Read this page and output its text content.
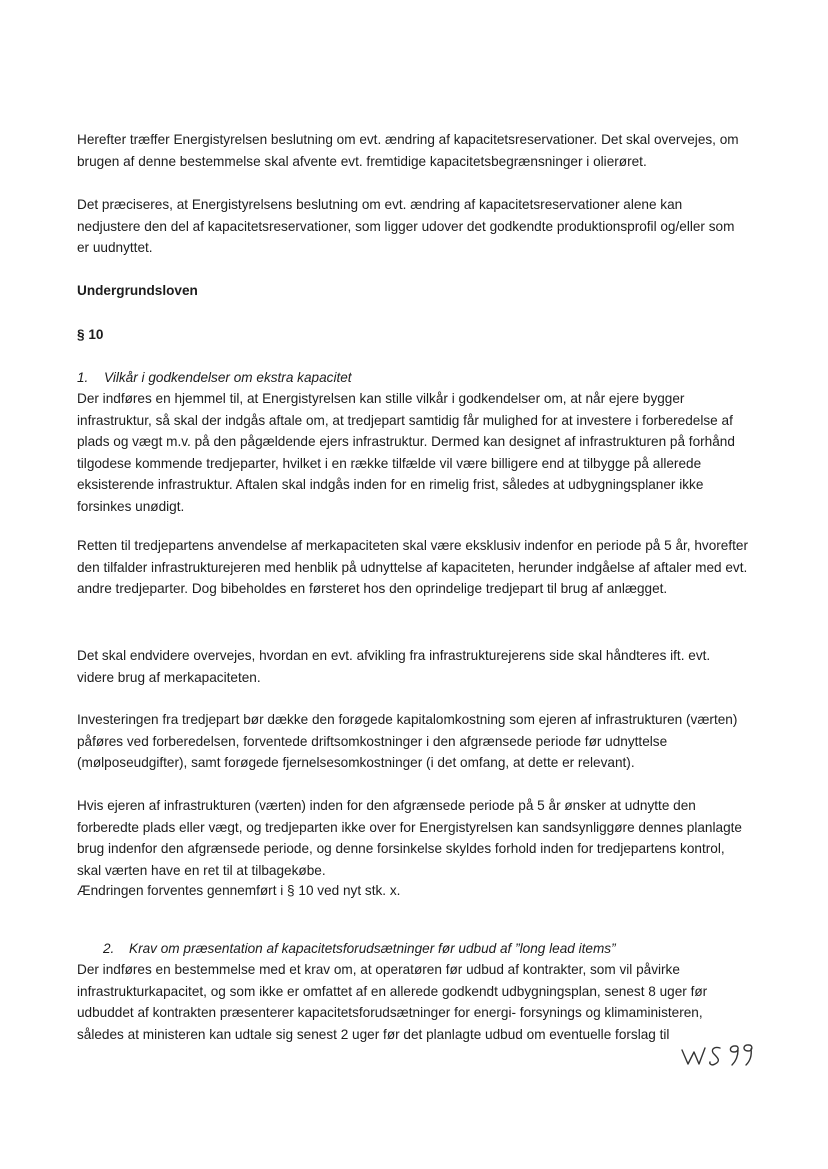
Herefter træffer Energistyrelsen beslutning om evt. ændring af kapacitetsreservationer. Det skal overvejes, om brugen af denne bestemmelse skal afvente evt. fremtidige kapacitetsbegrænsninger i olierøret.

Det præciseres, at Energistyrelsens beslutning om evt. ændring af kapacitetsreservationer alene kan nedjustere den del af kapacitetsreservationer, som ligger udover det godkendte produktionsprofil og/eller som er uudnyttet.

Undergrundsloven
§ 10
1. Vilkår i godkendelser om ekstra kapacitet

Der indføres en hjemmel til, at Energistyrelsen kan stille vilkår i godkendelser om, at når ejere bygger infrastruktur, så skal der indgås aftale om, at tredjepart samtidig får mulighed for at investere i forberedelse af plads og vægt m.v. på den pågældende ejers infrastruktur. Dermed kan designet af infrastrukturen på forhånd tilgodese kommende tredjeparter, hvilket i en række tilfælde vil være billigere end at tilbygge på allerede eksisterende infrastruktur. Aftalen skal indgås inden for en rimelig frist, således at udbygningsplaner ikke forsinkes unødigt.

Retten til tredjepartens anvendelse af merkapaciteten skal være eksklusiv indenfor en periode på 5 år, hvorefter den tilfalder infrastrukturejeren med henblik på udnyttelse af kapaciteten, herunder indgåelse af aftaler med evt. andre tredjeparter. Dog bibeholdes en førsteret hos den oprindelige tredjepart til brug af anlægget.

Det skal endvidere overvejes, hvordan en evt. afvikling fra infrastrukturejerens side skal håndteres ift. evt. videre brug af merkapaciteten.

Investeringen fra tredjepart bør dække den forøgede kapitalomkostning som ejeren af infrastrukturen (værten) påføres ved forberedelsen, forventede driftsomkostninger i den afgrænsede periode før udnyttelse (mølposeudgifter), samt forøgede fjernelsesomkostninger (i det omfang, at dette er relevant).

Hvis ejeren af infrastrukturen (værten) inden for den afgrænsede periode på 5 år ønsker at udnytte den forberedte plads eller vægt, og tredjeparten ikke over for Energistyrelsen kan sandsynliggøre dennes planlagte brug indenfor den afgrænsede periode, og denne forsinkelse skyldes forhold inden for tredjepartens kontrol, skal værten have en ret til at tilbagekøbe.

Ændringen forventes gennemført i § 10 ved nyt stk. x.

2. Krav om præsentation af kapacitetsforudsætninger før udbud af ”long lead items”

Der indføres en bestemmelse med et krav om, at operatøren før udbud af kontrakter, som vil påvirke infrastrukturkapacitet, og som ikke er omfattet af en allerede godkendt udbygningsplan, senest 8 uger før udbuddet af kontrakten præsenterer kapacitetsforudsætninger for energi- forsynings og klimaministeren, således at ministeren kan udtale sig senest 2 uger før det planlagte udbud om eventuelle forslag til
